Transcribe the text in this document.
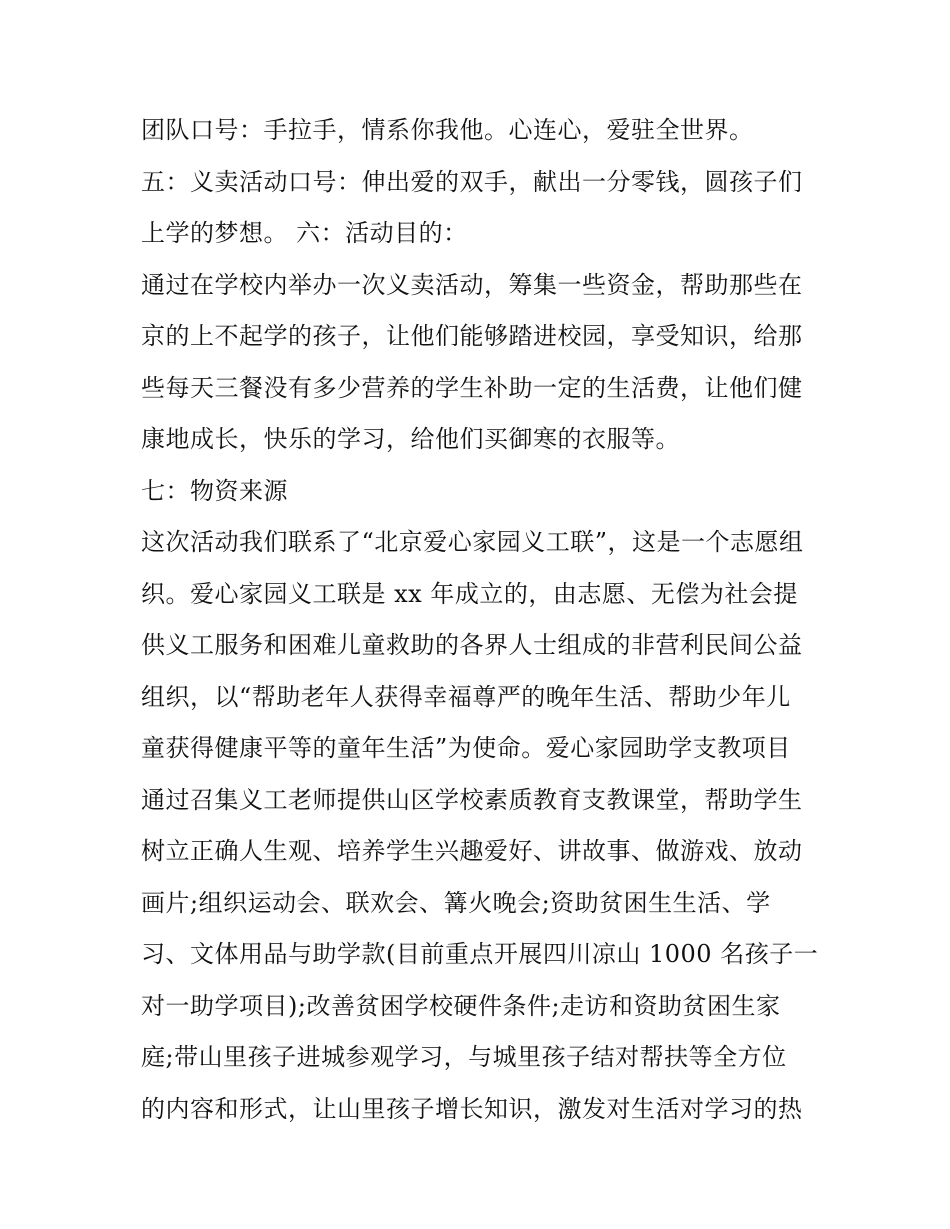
团队口号：手拉手，情系你我他。心连心，爱驻全世界。
五：义卖活动口号：伸出爱的双手，献出一分零钱，圆孩子们
上学的梦想。 六：活动目的：
通过在学校内举办一次义卖活动，筹集一些资金，帮助那些在
京的上不起学的孩子，让他们能够踏进校园，享受知识，给那
些每天三餐没有多少营养的学生补助一定的生活费，让他们健
康地成长，快乐的学习，给他们买御寒的衣服等。
七：物资来源
这次活动我们联系了“北京爱心家园义工联”，这是一个志愿组
织。爱心家园义工联是 xx 年成立的，由志愿、无偿为社会提
供义工服务和困难儿童救助的各界人士组成的非营利民间公益
组织，以“帮助老年人获得幸福尊严的晚年生活、帮助少年儿
童获得健康平等的童年生活”为使命。爱心家园助学支教项目
通过召集义工老师提供山区学校素质教育支教课堂，帮助学生
树立正确人生观、培养学生兴趣爱好、讲故事、做游戏、放动
画片;组织运动会、联欢会、篝火晚会;资助贫困生生活、学
习、文体用品与助学款(目前重点开展四川凉山 1000 名孩子一
对一助学项目);改善贫困学校硬件条件;走访和资助贫困生家
庭;带山里孩子进城参观学习，与城里孩子结对帮扶等全方位
的内容和形式，让山里孩子增长知识，激发对生活对学习的热
